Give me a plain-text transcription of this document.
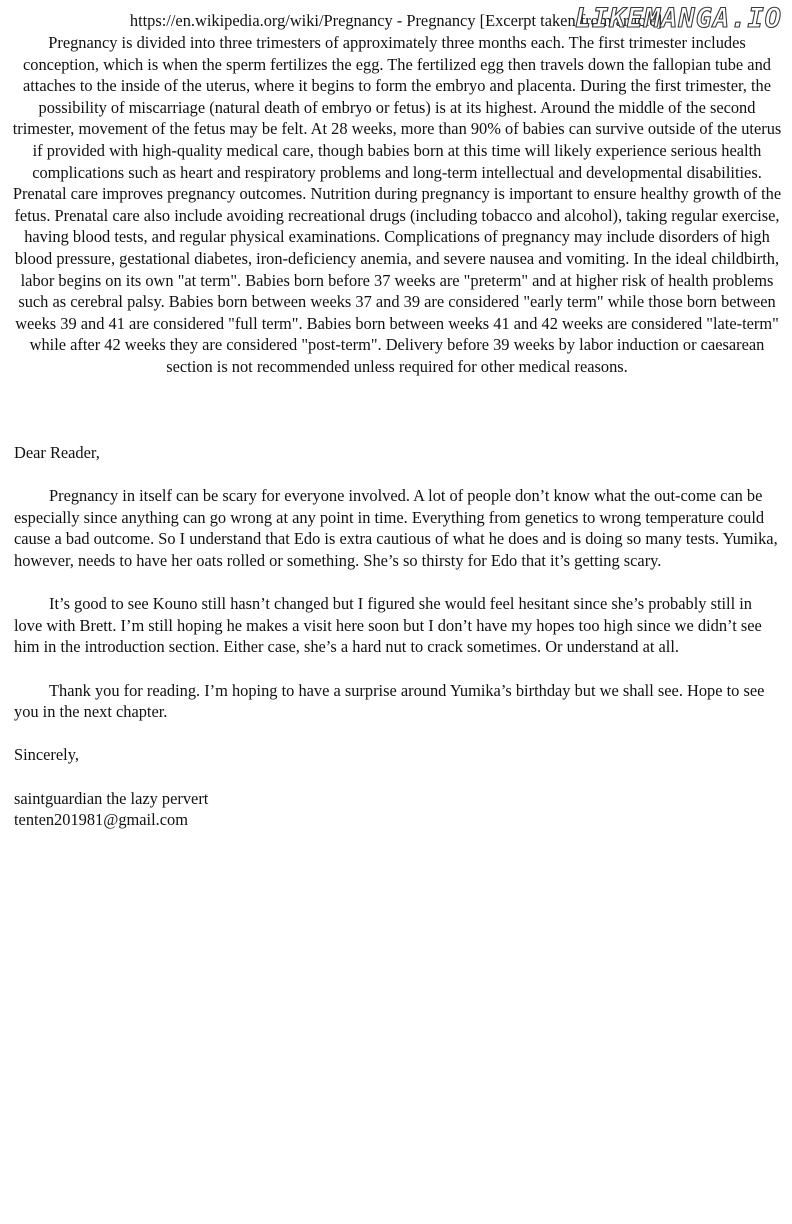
https://en.wikipedia.org/wiki/Pregnancy - Pregnancy [Excerpt taken from article]
LIKEMANGA.IO

Pregnancy is divided into three trimesters of approximately three months each. The first trimester includes conception, which is when the sperm fertilizes the egg. The fertilized egg then travels down the fallopian tube and attaches to the inside of the uterus, where it begins to form the embryo and placenta. During the first trimester, the possibility of miscarriage (natural death of embryo or fetus) is at its highest. Around the middle of the second trimester, movement of the fetus may be felt. At 28 weeks, more than 90% of babies can survive outside of the uterus if provided with high-quality medical care, though babies born at this time will likely experience serious health complications such as heart and respiratory problems and long-term intellectual and developmental disabilities.

Prenatal care improves pregnancy outcomes. Nutrition during pregnancy is important to ensure healthy growth of the fetus. Prenatal care also include avoiding recreational drugs (including tobacco and alcohol), taking regular exercise, having blood tests, and regular physical examinations. Complications of pregnancy may include disorders of high blood pressure, gestational diabetes, iron-deficiency anemia, and severe nausea and vomiting. In the ideal childbirth, labor begins on its own "at term". Babies born before 37 weeks are "preterm" and at higher risk of health problems such as cerebral palsy. Babies born between weeks 37 and 39 are considered "early term" while those born between weeks 39 and 41 are considered "full term". Babies born between weeks 41 and 42 weeks are considered "late-term" while after 42 weeks they are considered "post-term". Delivery before 39 weeks by labor induction or caesarean section is not recommended unless required for other medical reasons.

Dear Reader,

Pregnancy in itself can be scary for everyone involved. A lot of people don’t know what the out-come can be especially since anything can go wrong at any point in time. Everything from genetics to wrong temperature could cause a bad outcome. So I understand that Edo is extra cautious of what he does and is doing so many tests. Yumika, however, needs to have her oats rolled or something. She’s so thirsty for Edo that it’s getting scary.

It’s good to see Kouno still hasn’t changed but I figured she would feel hesitant since she’s probably still in love with Brett. I’m still hoping he makes a visit here soon but I don’t have my hopes too high since we didn’t see him in the introduction section. Either case, she’s a hard nut to crack sometimes. Or understand at all.

Thank you for reading. I’m hoping to have a surprise around Yumika’s birthday but we shall see. Hope to see you in the next chapter.

Sincerely,

saintguardian the lazy pervert

tenten201981@gmail.com
